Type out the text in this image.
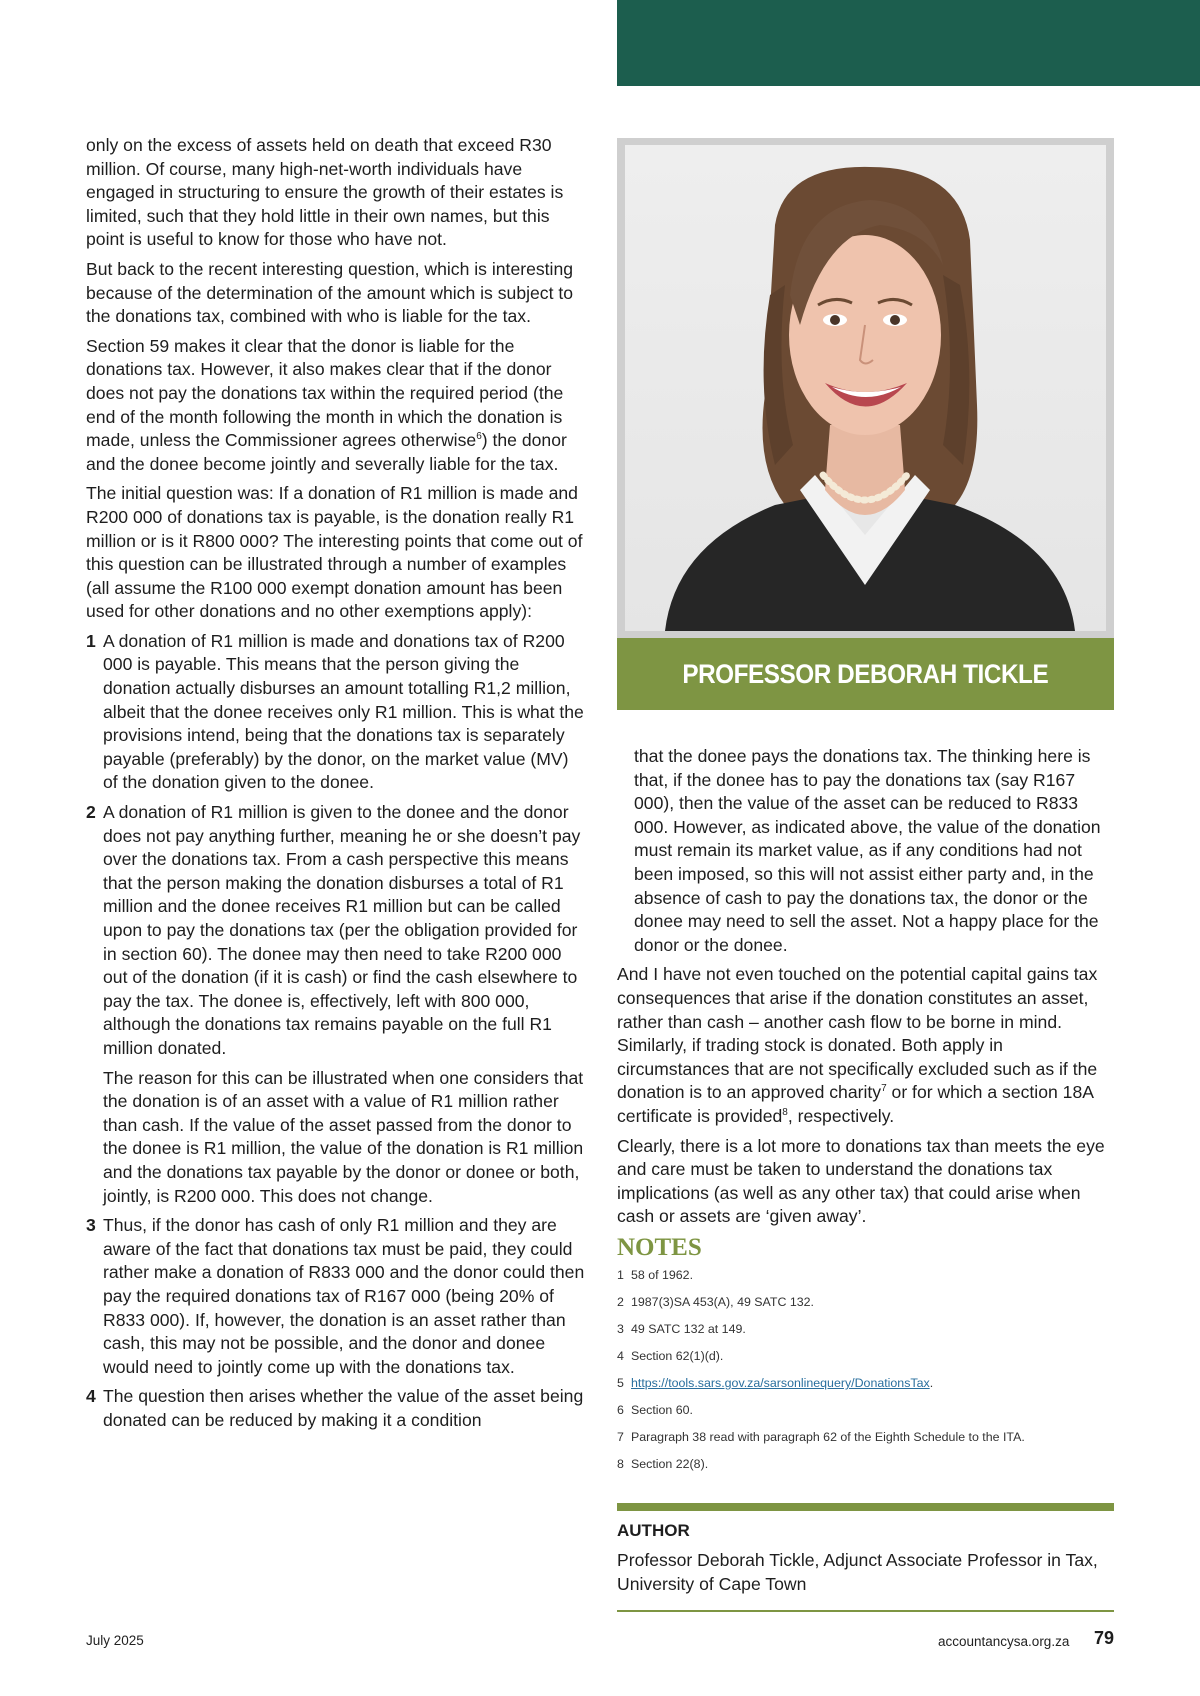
only on the excess of assets held on death that exceed R30 million. Of course, many high-net-worth individuals have engaged in structuring to ensure the growth of their estates is limited, such that they hold little in their own names, but this point is useful to know for those who have not.

But back to the recent interesting question, which is interesting because of the determination of the amount which is subject to the donations tax, combined with who is liable for the tax.

Section 59 makes it clear that the donor is liable for the donations tax. However, it also makes clear that if the donor does not pay the donations tax within the required period (the end of the month following the month in which the donation is made, unless the Commissioner agrees otherwise$^6$) the donor and the donee become jointly and severally liable for the tax.

The initial question was: If a donation of R1 million is made and R200 000 of donations tax is payable, is the donation really R1 million or is it R800 000? The interesting points that come out of this question can be illustrated through a number of examples (all assume the R100 000 exempt donation amount has been used for other donations and no other exemptions apply):

1 A donation of R1 million is made and donations tax of R200 000 is payable. This means that the person giving the donation actually disburses an amount totalling R1,2 million, albeit that the donee receives only R1 million. This is what the provisions intend, being that the donations tax is separately payable (preferably) by the donor, on the market value (MV) of the donation given to the donee.

2 A donation of R1 million is given to the donee and the donor does not pay anything further, meaning he or she doesn’t pay over the donations tax. From a cash perspective this means that the person making the donation disburses a total of R1 million and the donee receives R1 million but can be called upon to pay the donations tax (per the obligation provided for in section 60). The donee may then need to take R200 000 out of the donation (if it is cash) or find the cash elsewhere to pay the tax. The donee is, effectively, left with 800 000, although the donations tax remains payable on the full R1 million donated.

The reason for this can be illustrated when one considers that the donation is of an asset with a value of R1 million rather than cash. If the value of the asset passed from the donor to the donee is R1 million, the value of the donation is R1 million and the donations tax payable by the donor or donee or both, jointly, is R200 000. This does not change.

3 Thus, if the donor has cash of only R1 million and they are aware of the fact that donations tax must be paid, they could rather make a donation of R833 000 and the donor could then pay the required donations tax of R167 000 (being 20% of R833 000). If, however, the donation is an asset rather than cash, this may not be possible, and the donor and donee would need to jointly come up with the donations tax.

4 The question then arises whether the value of the asset being donated can be reduced by making it a condition

PROFESSOR DEBORAH TICKLE

that the donee pays the donations tax. The thinking here is that, if the donee has to pay the donations tax (say R167 000), then the value of the asset can be reduced to R833 000. However, as indicated above, the value of the donation must remain its market value, as if any conditions had not been imposed, so this will not assist either party and, in the absence of cash to pay the donations tax, the donor or the donee may need to sell the asset. Not a happy place for the donor or the donee.

And I have not even touched on the potential capital gains tax consequences that arise if the donation constitutes an asset, rather than cash – another cash flow to be borne in mind. Similarly, if trading stock is donated. Both apply in circumstances that are not specifically excluded such as if the donation is to an approved charity$^7$ or for which a section 18A certificate is provided$^8$, respectively.

Clearly, there is a lot more to donations tax than meets the eye and care must be taken to understand the donations tax implications (as well as any other tax) that could arise when cash or assets are ‘given away’.

NOTES
1 58 of 1962.
2 1987(3)SA 453(A), 49 SATC 132.
3 49 SATC 132 at 149.
4 Section 62(1)(d).
5 https://tools.sars.gov.za/sarsonlinequery/DonationsTax .
6 Section 60.
7 Paragraph 38 read with paragraph 62 of the Eighth Schedule to the ITA.
8 Section 22(8).
AUTHOR
Professor Deborah Tickle, Adjunct Associate Professor in Tax, University of Cape Town
July 2025	accountancysa.org.za 79
